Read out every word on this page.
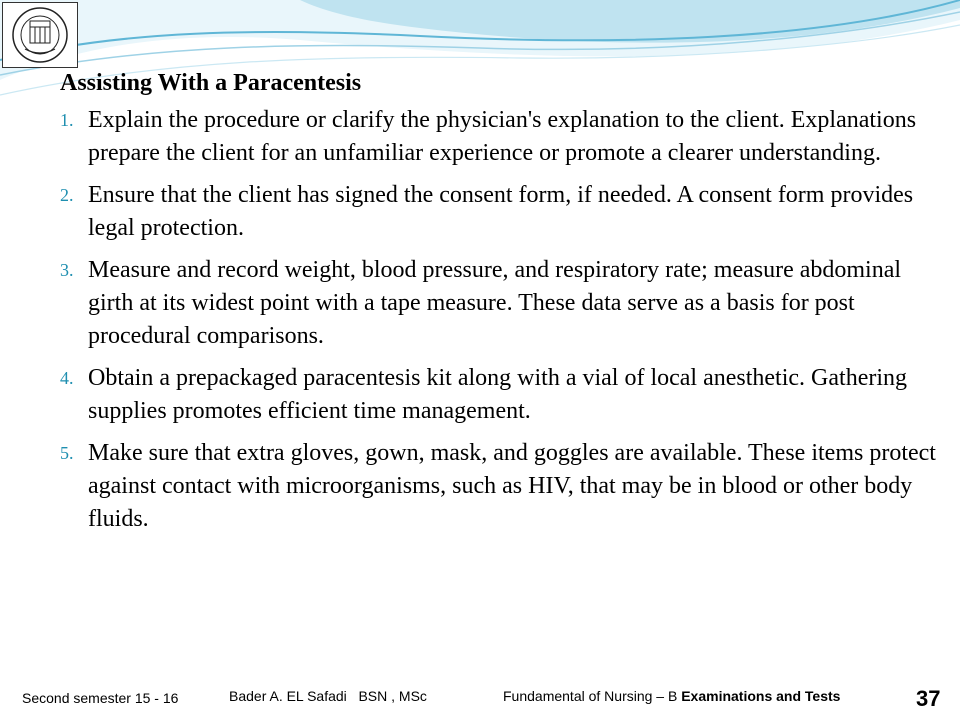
Assisting With a Paracentesis
1. Explain the procedure or clarify the physician's explanation to the client. Explanations prepare the client for an unfamiliar experience or promote a clearer understanding.
2. Ensure that the client has signed the consent form, if needed. A consent form provides legal protection.
3. Measure and record weight, blood pressure, and respiratory rate; measure abdominal girth at its widest point with a tape measure. These data serve as a basis for post procedural comparisons.
4. Obtain a prepackaged paracentesis kit along with a vial of local anesthetic. Gathering supplies promotes efficient time management.
5. Make sure that extra gloves, gown, mask, and goggles are available. These items protect against contact with microorganisms, such as HIV, that may be in blood or other body fluids.
Second semester 15 - 16	Bader A. EL Safadi   BSN , MSc	Fundamental of Nursing – B Examinations and Tests	37
